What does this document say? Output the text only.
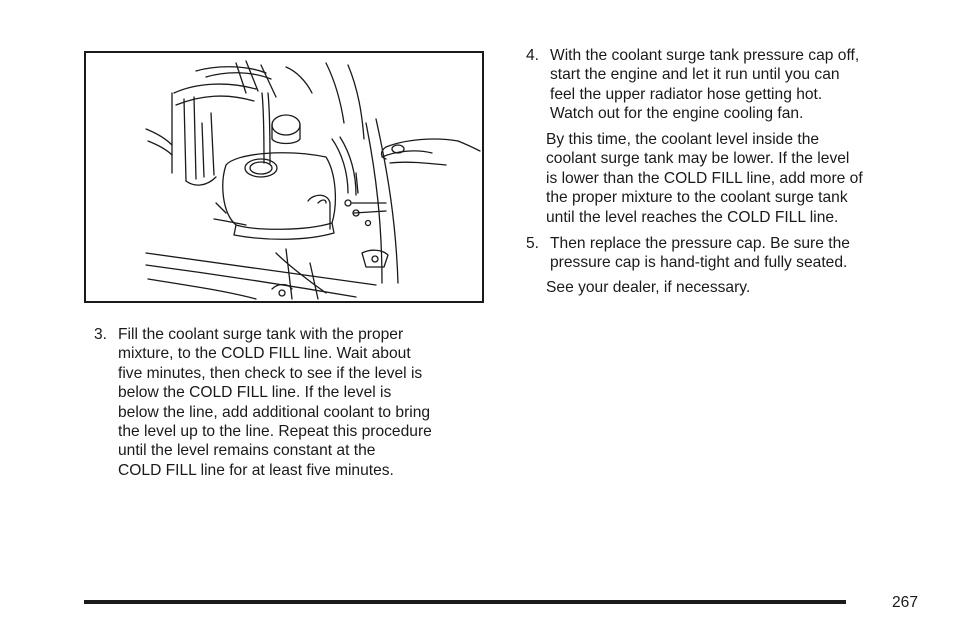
3. Fill the coolant surge tank with the proper
mixture, to the COLD FILL line. Wait about
five minutes, then check to see if the level is
below the COLD FILL line. If the level is
below the line, add additional coolant to bring
the level up to the line. Repeat this procedure
until the level remains constant at the
COLD FILL line for at least five minutes.
4. With the coolant surge tank pressure cap off,
start the engine and let it run until you can
feel the upper radiator hose getting hot.
Watch out for the engine cooling fan.
By this time, the coolant level inside the
coolant surge tank may be lower. If the level
is lower than the COLD FILL line, add more of
the proper mixture to the coolant surge tank
until the level reaches the COLD FILL line.
5. Then replace the pressure cap. Be sure the
pressure cap is hand-tight and fully seated.
See your dealer, if necessary.
267
